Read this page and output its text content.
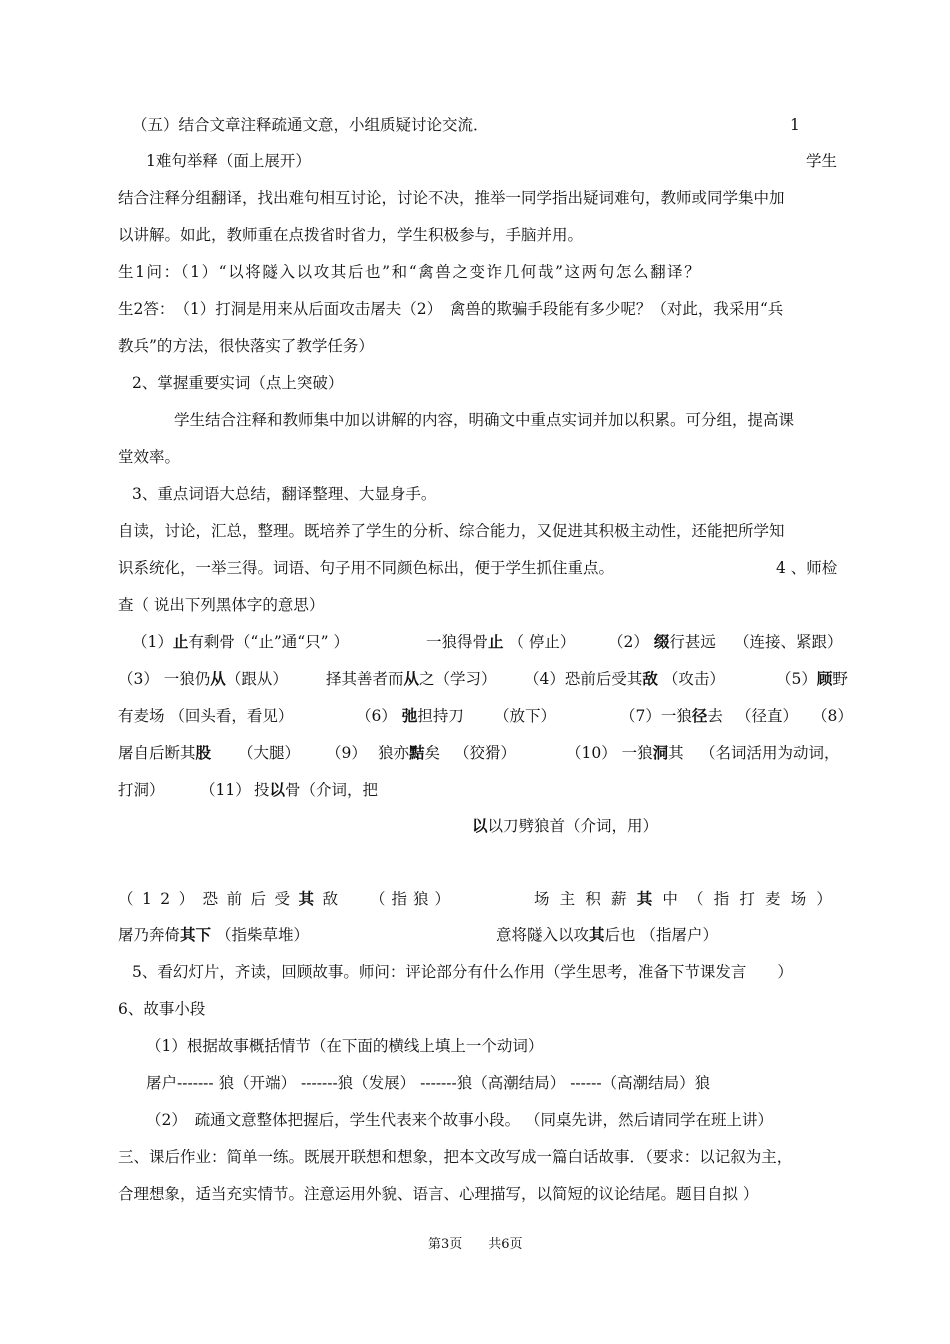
（五）结合文章注释疏通文意，小组质疑讨论交流．	1
1难句举释（面上展开）	学生
结合注释分组翻译，找出难句相互讨论，讨论不决，推举一同学指出疑词难句，教师或同学集中加
以讲解。如此，教师重在点拨省时省力，学生积极参与，手脑并用。
生1问：（1）“以将隧入以攻其后也”和“禽兽之变诈几何哉”这两句怎么翻译？
生2答：　（1）打洞是用来从后面攻击屠夫（2）　禽兽的欺骗手段能有多少呢？（对此，我采用“兵
教兵”的方法，很快落实了教学任务）
2、掌握重要实词（点上突破）
学生结合注释和教师集中加以讲解的内容，明确文中重点实词并加以积累。可分组，提高课
堂效率。
3、重点词语大总结，翻译整理、大显身手。
自读，讨论，汇总，整理。既培养了学生的分析、综合能力，又促进其积极主动性，还能把所学知
识系统化，一举三得。词语、句子用不同颜色标出，便于学生抓住重点。	4 、师检
查（ 说出下列黑体字的意思）
（1）止有剩骨（“止”通“只” ）	一狼得骨止 （ 停止） （2） 缀行甚远 （连接、紧跟）
（3） 一狼仍从（跟从） 择其善者而从之（学习） （4）恐前后受其敌 （攻击）	（5）顾野
有麦场 （回头看，看见）	（6） 弛担持刀 （放下）	（7）一狼径去 （径直） （8）
屠自后断其股 （大腿） （9） 狼亦黠矣 （狡猾）	（10） 一狼洞其 （名词活用为动词，
打洞） （11） 投以骨（介词，把
以以刀劈狼首（介词，用）
（ 1 2 ） 恐 前 后 受 其 敌 （ 指 狼 ）	场 主 积 薪 其 中 （ 指 打 麦 场 ）
屠乃奔倚其下 （指柴草堆）	意将隧入以攻其后也 （指屠户）
5、看幻灯片，齐读，回顾故事。师问：评论部分有什么作用（学生思考，准备下节课发言　　）
6、故事小段
（1）根据故事概括情节（在下面的横线上填上一个动词）
屠户------- 狼（开端） -------狼（发展） -------狼（高潮结局） ------（高潮结局）狼
（2）　疏通文意整体把握后，学生代表来个故事小段。 （同桌先讲，然后请同学在班上讲）
三、课后作业：简单一练。既展开联想和想象，把本文改写成一篇白话故事．（要求：以记叙为主，
合理想象，适当充实情节。注意运用外貌、语言、心理描写，以简短的议论结尾。题目自拟 ）
第3页 共6页
